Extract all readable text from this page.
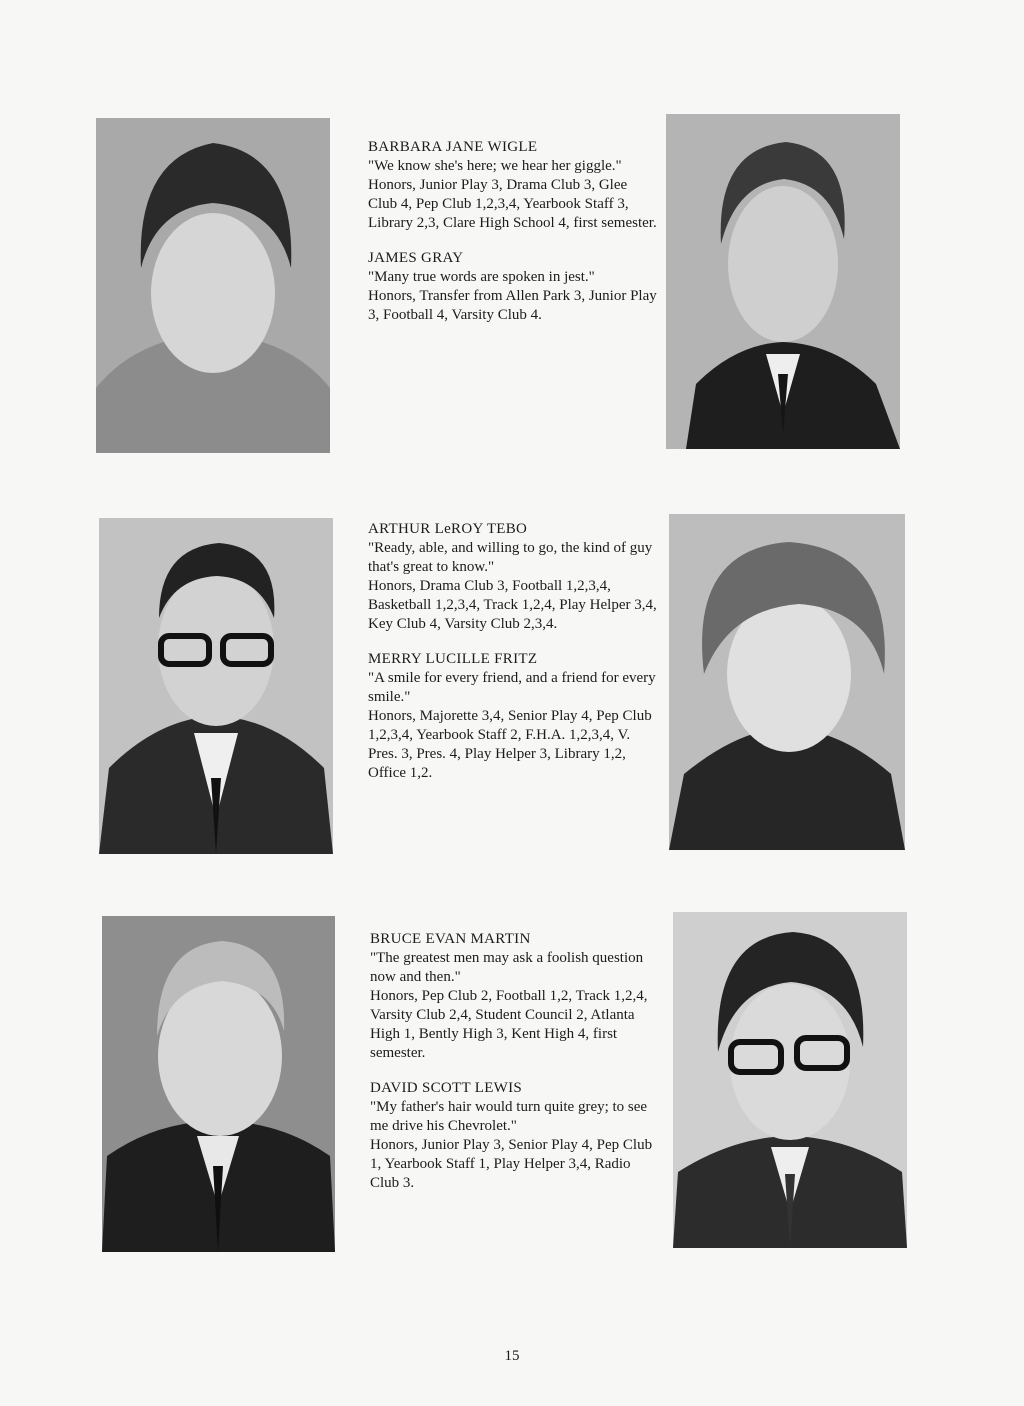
BARBARA JANE WIGLE

"We know she's here; we hear her giggle."

Honors, Junior Play 3, Drama Club 3, Glee Club 4, Pep Club 1,2,3,4, Yearbook Staff 3, Library 2,3, Clare High School 4, first semester.

JAMES GRAY

"Many true words are spoken in jest."

Honors, Transfer from Allen Park 3, Junior Play 3, Football 4, Varsity Club 4.

ARTHUR LeROY TEBO

"Ready, able, and willing to go, the kind of guy that's great to know."

Honors, Drama Club 3, Football 1,2,3,4, Basketball 1,2,3,4, Track 1,2,4, Play Helper 3,4, Key Club 4, Varsity Club 2,3,4.

MERRY LUCILLE FRITZ

"A smile for every friend, and a friend for every smile."

Honors, Majorette 3,4, Senior Play 4, Pep Club 1,2,3,4, Yearbook Staff 2, F.H.A. 1,2,3,4, V. Pres. 3, Pres. 4, Play Helper 3, Library 1,2, Office 1,2.

BRUCE EVAN MARTIN

"The greatest men may ask a foolish question now and then."

Honors, Pep Club 2, Football 1,2, Track 1,2,4, Varsity Club 2,4, Student Council 2, Atlanta High 1, Bently High 3, Kent High 4, first semester.

DAVID SCOTT LEWIS

"My father's hair would turn quite grey; to see me drive his Chevrolet."

Honors, Junior Play 3, Senior Play 4, Pep Club 1, Yearbook Staff 1, Play Helper 3,4, Radio Club 3.

15
